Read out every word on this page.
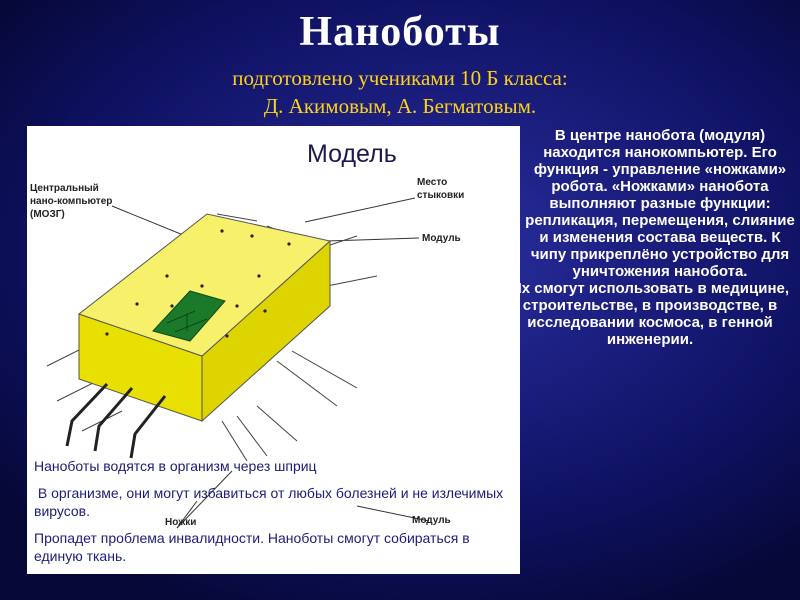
Наноботы
подготовлено учениками 10 Б класса:
Д. Акимовым, А. Бегматовым.
Модель
Центральный
нано-компьютер
(МОЗГ)
Место
стыковки
Модуль
Ножки	Модуль
Наноботы водятся в организм через шприц
В организме, они могут избавиться от любых болезней и не излечимых вирусов.
Пропадет проблема инвалидности. Наноботы смогут собираться в единую ткань.

В центре нанобота (модуля) находится нанокомпьютер. Его функция - управление «ножками» робота. «Ножками» нанобота выполняют разные функции: репликация, перемещения, слияние и изменения состава веществ. К чипу прикреплёно устройство для уничтожения нанобота.

Их смогут использовать в медицине, строительстве, в производстве, в исследовании космоса, в генной инженерии.
